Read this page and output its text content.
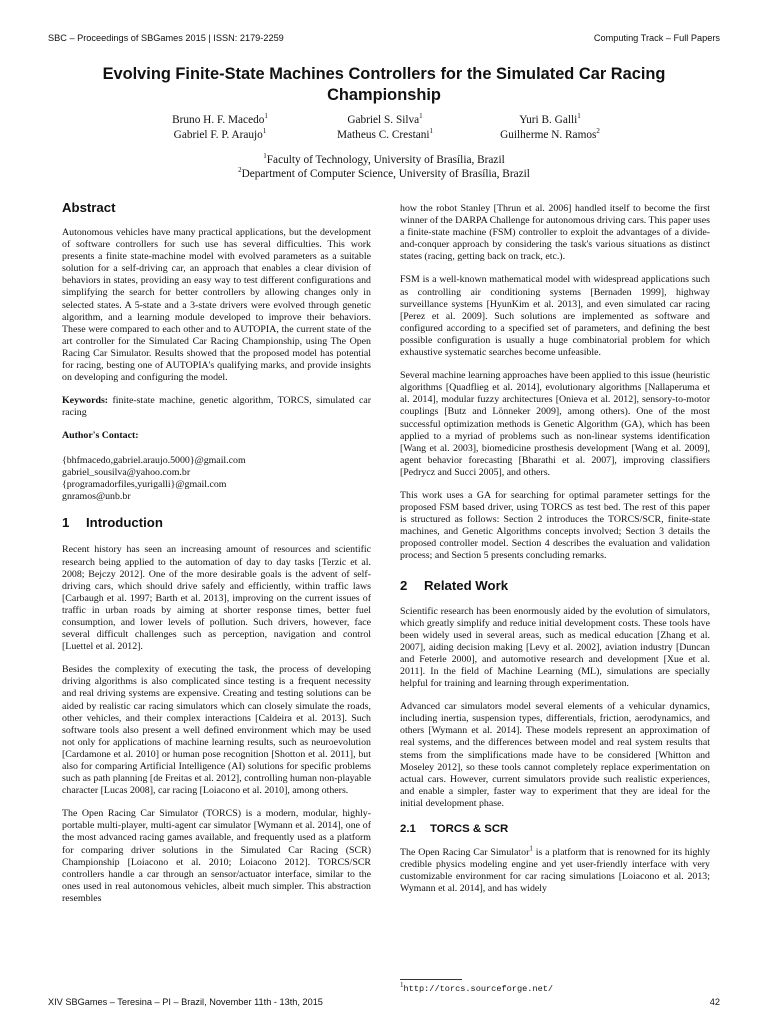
SBC – Proceedings of SBGames 2015 | ISSN: 2179-2259	Computing Track – Full Papers
Evolving Finite-State Machines Controllers for the Simulated Car Racing Championship
Bruno H. F. Macedo$^1$
Gabriel F. P. Araujo$^1$
Gabriel S. Silva$^1$
Matheus C. Crestani$^1$
Yuri B. Galli$^1$
Guilherme N. Ramos$^2$
$^1$Faculty of Technology, University of Brasília, Brazil
$^2$Department of Computer Science, University of Brasília, Brazil
Abstract

Autonomous vehicles have many practical applications, but the development of software controllers for such use has several difficulties. This work presents a finite state-machine model with evolved parameters as a suitable solution for a self-driving car, an approach that enables a clear division of behaviors in states, providing an easy way to test different configurations and simplifying the search for better controllers by allowing changes only in selected states. A 5-state and a 3-state drivers were evolved through genetic algorithm, and a learning module developed to improve their behaviors. These were compared to each other and to AUTOPIA, the current state of the art controller for the Simulated Car Racing Championship, using The Open Racing Car Simulator. Results showed that the proposed model has potential for racing, besting one of AUTOPIA's qualifying marks, and provide insights on developing and configuring the model.

Keywords: finite-state machine, genetic algorithm, TORCS, simulated car racing

Author's Contact:
{bhfmacedo,gabriel.araujo.5000}@gmail.com
gabriel_sousilva@yahoo.com.br
{programadorfiles,yurigalli}@gmail.com
gnramos@unb.br
1 Introduction

Recent history has seen an increasing amount of resources and scientific research being applied to the automation of day to day tasks [Terzic et al. 2008; Bejczy 2012]. One of the more desirable goals is the advent of self-driving cars, which should drive safely and efficiently, within traffic laws [Carbaugh et al. 1997; Barth et al. 2013], improving on the current issues of traffic in urban roads by aiming at shorter response times, better fuel consumption, and lower levels of pollution. Such drivers, however, face several difficult challenges such as perception, navigation and control [Luettel et al. 2012].

Besides the complexity of executing the task, the process of developing driving algorithms is also complicated since testing is a frequent necessity and real driving systems are expensive. Creating and testing solutions can be aided by realistic car racing simulators which can closely simulate the roads, other vehicles, and their complex interactions [Caldeira et al. 2013]. Such software tools also present a well defined environment which may be used not only for applications of machine learning results, such as neuroevolution [Cardamone et al. 2010] or human pose recognition [Shotton et al. 2011], but also for comparing Artificial Intelligence (AI) solutions for specific problems such as path planning [de Freitas et al. 2012], controlling human non-playable character [Lucas 2008], car racing [Loiacono et al. 2010], among others.

The Open Racing Car Simulator (TORCS) is a modern, modular, highly-portable multi-player, multi-agent car simulator [Wymann et al. 2014], one of the most advanced racing games available, and frequently used as a platform for comparing driver solutions in the Simulated Car Racing (SCR) Championship [Loiacono et al. 2010; Loiacono 2012]. TORCS/SCR controllers handle a car through an sensor/actuator interface, similar to the ones used in real autonomous vehicles, albeit much simpler. This abstraction resembles

how the robot Stanley [Thrun et al. 2006] handled itself to become the first winner of the DARPA Challenge for autonomous driving cars. This paper uses a finite-state machine (FSM) controller to exploit the advantages of a divide-and-conquer approach by considering the task's various situations as distinct states (racing, getting back on track, etc.).

FSM is a well-known mathematical model with widespread applications such as controlling air conditioning systems [Bernaden 1999], highway surveillance systems [HyunKim et al. 2013], and even simulated car racing [Perez et al. 2009]. Such solutions are implemented as software and configured according to a specified set of parameters, and defining the best possible configuration is usually a huge combinatorial problem for which exhaustive systematic searches become unfeasible.

Several machine learning approaches have been applied to this issue (heuristic algorithms [Quadflieg et al. 2014], evolutionary algorithms [Nallaperuma et al. 2014], modular fuzzy architectures [Onieva et al. 2012], sensory-to-motor couplings [Butz and Lönneker 2009], among others). One of the most successful optimization methods is Genetic Algorithm (GA), which has been applied to a myriad of problems such as non-linear systems identification [Wang et al. 2003], biomedicine prosthesis development [Wang et al. 2009], agent behavior forecasting [Bharathi et al. 2007], improving classifiers [Pedrycz and Succi 2005], and others.

This work uses a GA for searching for optimal parameter settings for the proposed FSM based driver, using TORCS as test bed. The rest of this paper is structured as follows: Section 2 introduces the TORCS/SCR, finite-state machines, and Genetic Algorithms concepts involved; Section 3 details the proposed controller model. Section 4 describes the evaluation and validation process; and Section 5 presents concluding remarks.

2 Related Work

Scientific research has been enormously aided by the evolution of simulators, which greatly simplify and reduce initial development costs. These tools have been widely used in several areas, such as medical education [Zhang et al. 2007], aiding decision making [Levy et al. 2002], aviation industry [Duncan and Feterle 2000], and automotive research and development [Xue et al. 2011]. In the field of Machine Learning (ML), simulations are specially helpful for training and learning through experimentation.

Advanced car simulators model several elements of a vehicular dynamics, including inertia, suspension types, differentials, friction, aerodynamics, and others [Wymann et al. 2014]. These models represent an approximation of real systems, and the differences between model and real system results that stems from the simplifications made have to be considered [Whitton and Moseley 2012], so these tools cannot completely replace experimentation on actual cars. However, current simulators provide such realistic experiences, and enable a simpler, faster way to experiment that they are ideal for the initial development phase.

2.1 TORCS & SCR

The Open Racing Car Simulator$^1$ is a platform that is renowned for its highly credible physics modeling engine and yet user-friendly interface with very customizable environment for car racing simulations [Loiacono et al. 2013; Wymann et al. 2014], and has widely

$^1$http://torcs.sourceforge.net/
XIV SBGames – Teresina – PI – Brazil, November 11th - 13th, 2015	42
